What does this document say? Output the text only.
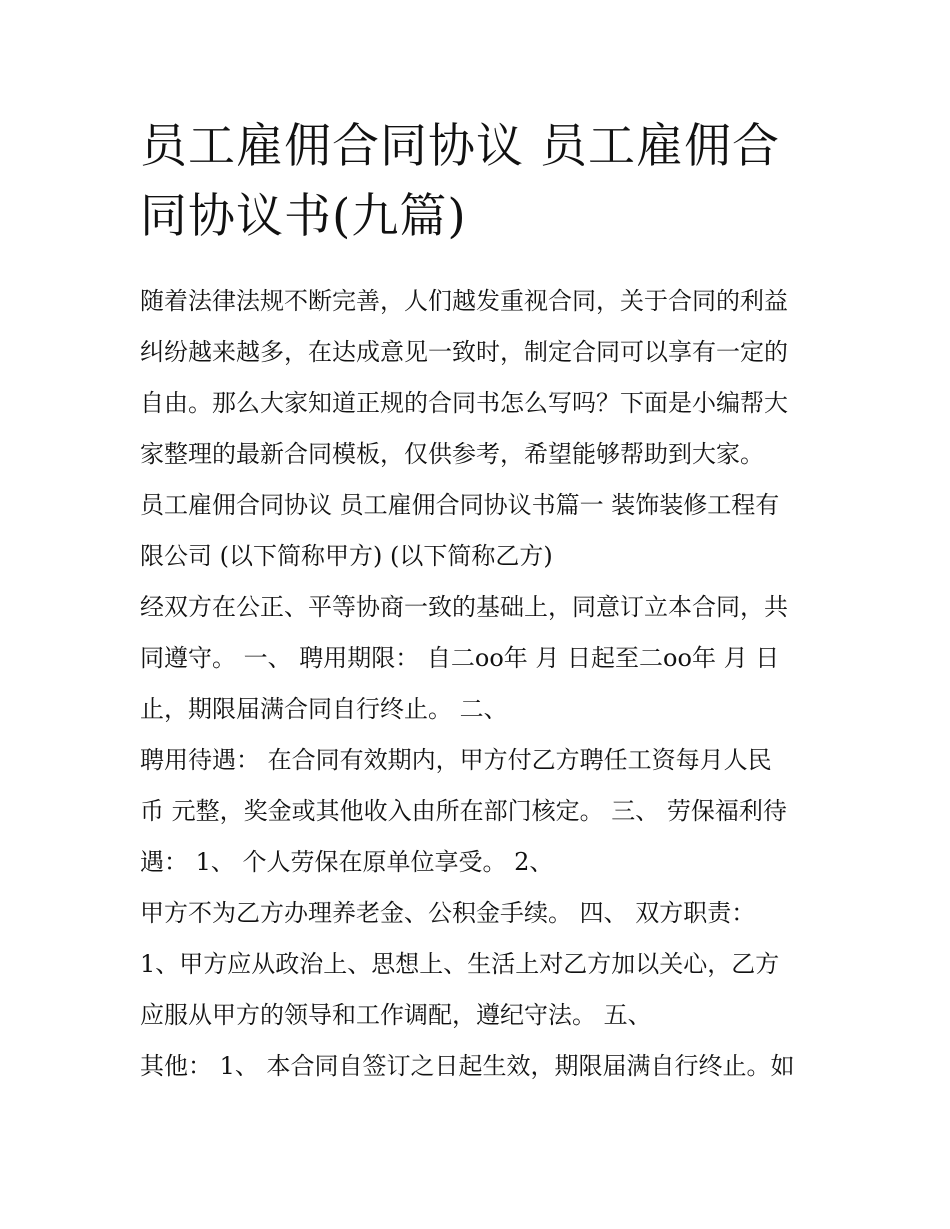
员工雇佣合同协议 员工雇佣合
同协议书(九篇)
随着法律法规不断完善，人们越发重视合同，关于合同的利益
纠纷越来越多，在达成意见一致时，制定合同可以享有一定的
自由。那么大家知道正规的合同书怎么写吗？下面是小编帮大
家整理的最新合同模板，仅供参考，希望能够帮助到大家。
员工雇佣合同协议 员工雇佣合同协议书篇一 装饰装修工程有
限公司 (以下简称甲方) (以下简称乙方)
经双方在公正、平等协商一致的基础上，同意订立本合同，共
同遵守。 一、 聘用期限： 自二oo年 月 日起至二oo年 月 日
止，期限届满合同自行终止。 二、
聘用待遇： 在合同有效期内，甲方付乙方聘任工资每月人民
币 元整，奖金或其他收入由所在部门核定。 三、 劳保福利待
遇： 1、 个人劳保在原单位享受。 2、
甲方不为乙方办理养老金、公积金手续。 四、 双方职责：
1、甲方应从政治上、思想上、生活上对乙方加以关心，乙方
应服从甲方的领导和工作调配，遵纪守法。 五、
其他： 1、 本合同自签订之日起生效，期限届满自行终止。如
